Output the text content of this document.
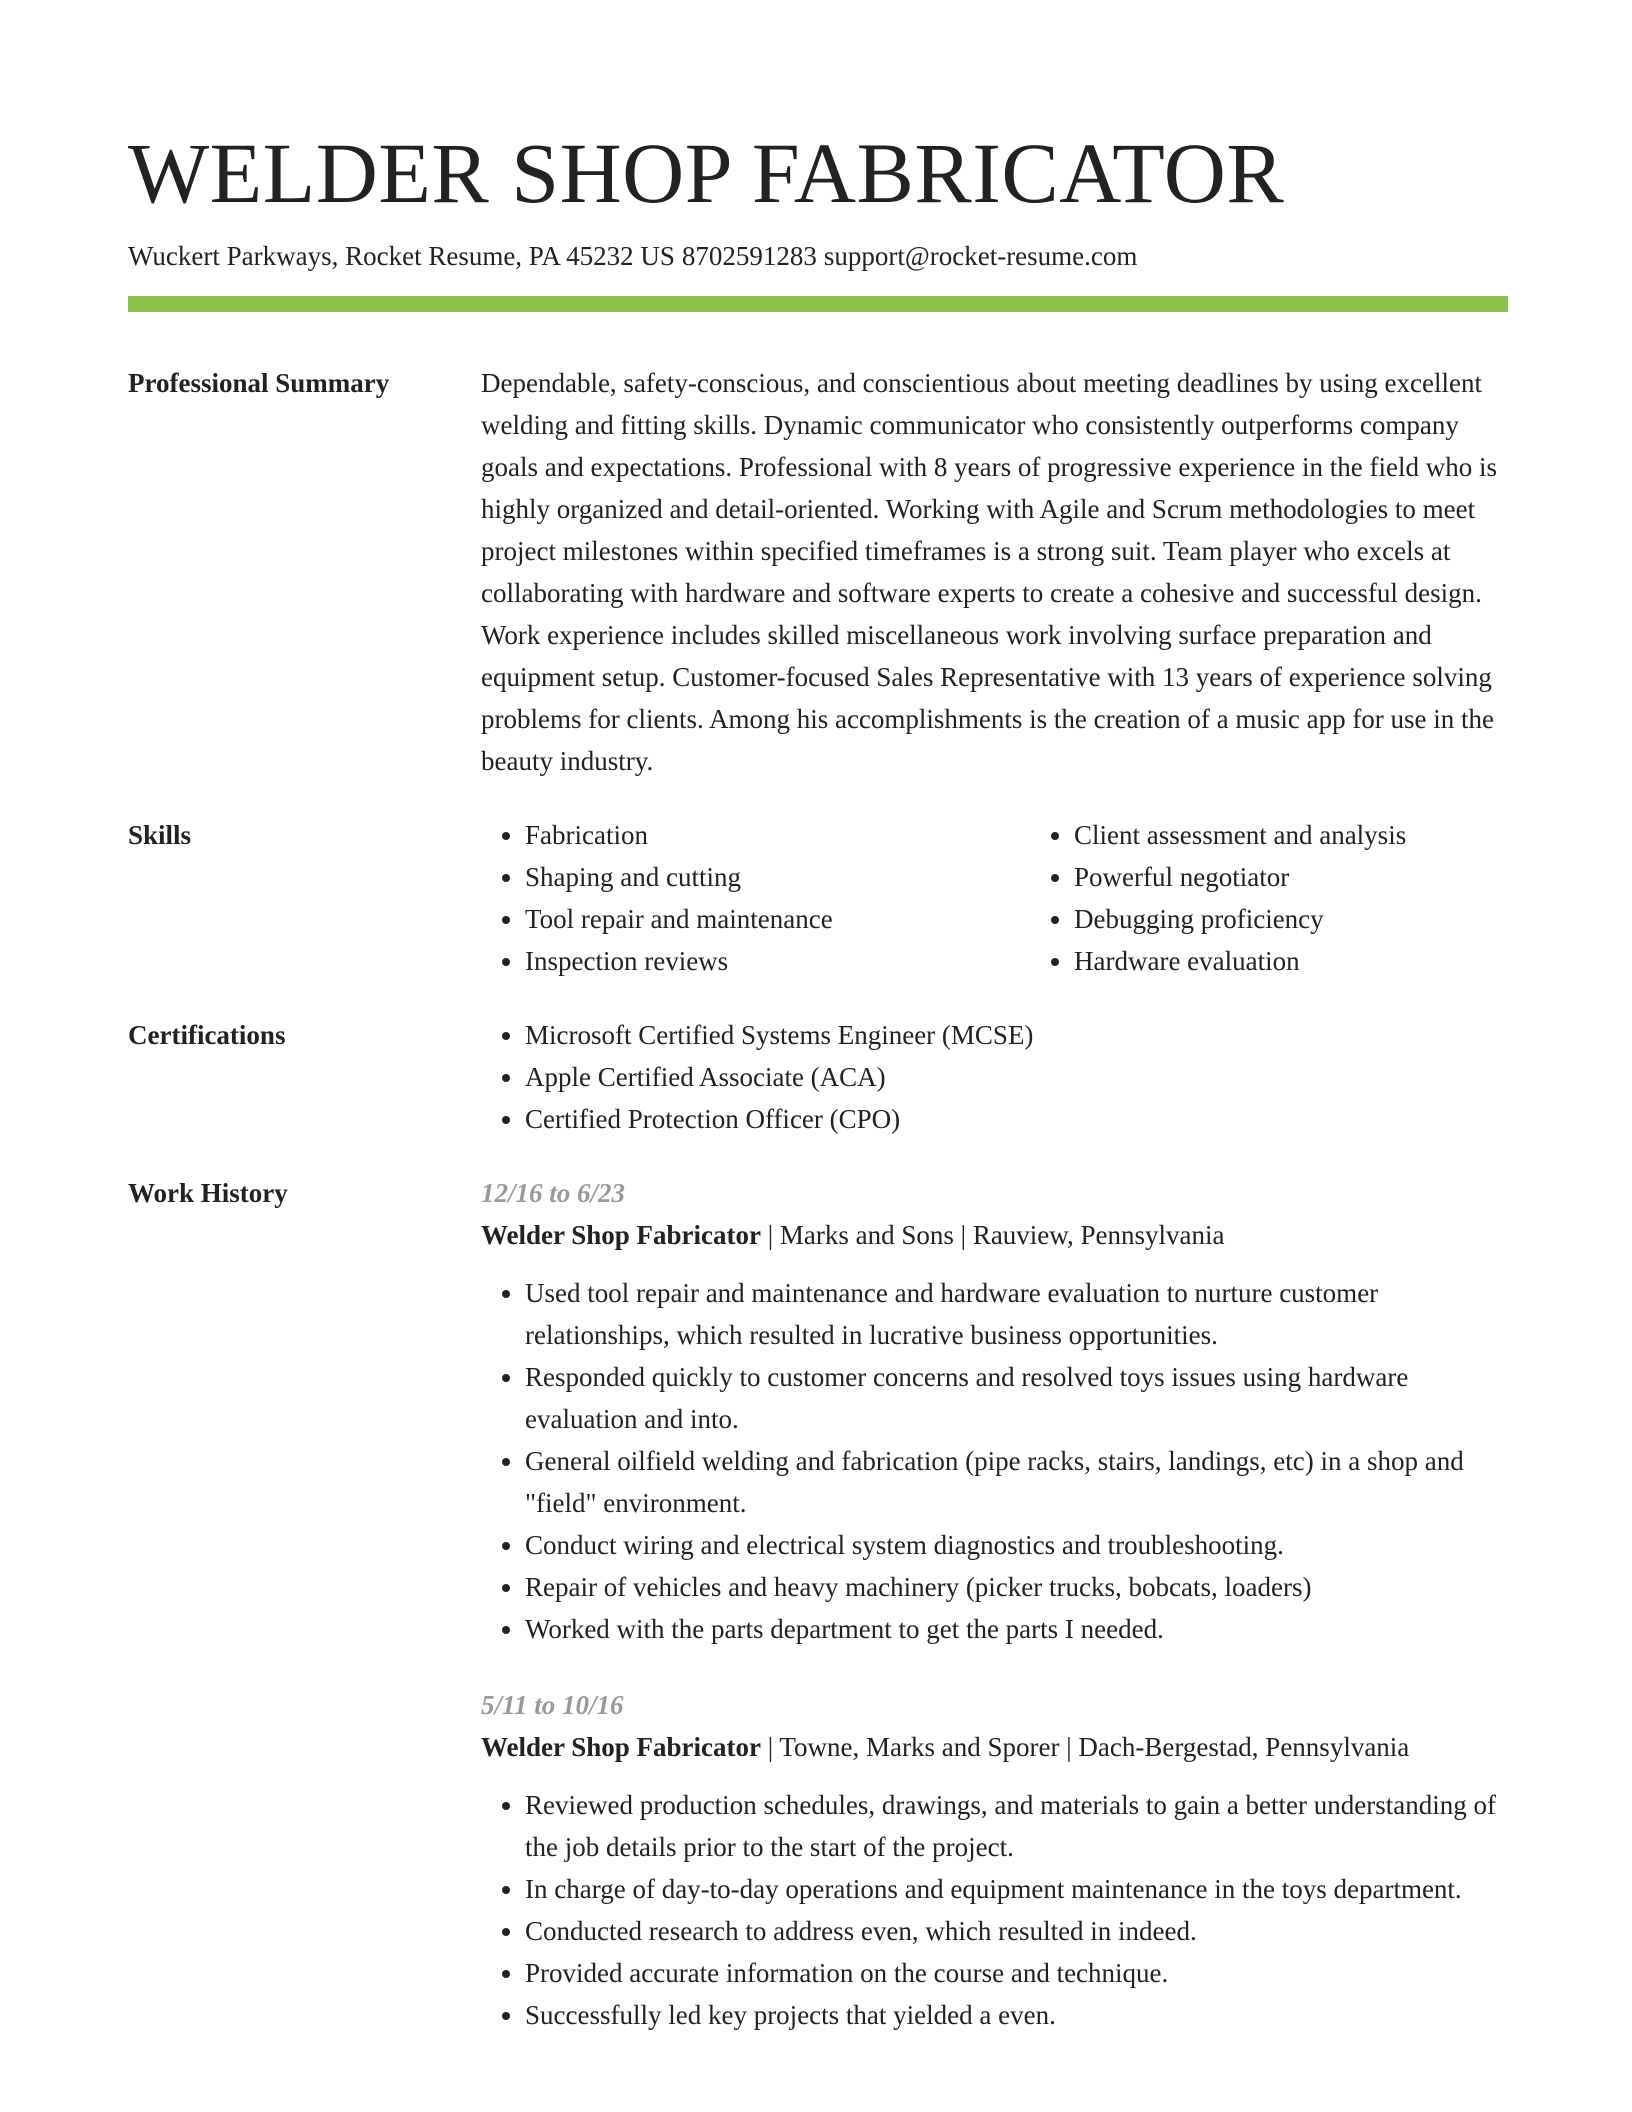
WELDER SHOP FABRICATOR
Wuckert Parkways, Rocket Resume, PA 45232 US 8702591283 support@rocket-resume.com
Professional Summary	Dependable, safety-conscious, and conscientious about meeting deadlines by using excellent welding and fitting skills. Dynamic communicator who consistently outperforms company goals and expectations. Professional with 8 years of progressive experience in the field who is highly organized and detail-oriented. Working with Agile and Scrum methodologies to meet project milestones within specified timeframes is a strong suit. Team player who excels at collaborating with hardware and software experts to create a cohesive and successful design. Work experience includes skilled miscellaneous work involving surface preparation and equipment setup. Customer-focused Sales Representative with 13 years of experience solving problems for clients. Among his accomplishments is the creation of a music app for use in the beauty industry.

Skills	• Fabrication
• Shaping and cutting
• Tool repair and maintenance
• Inspection reviews
• Client assessment and analysis
• Powerful negotiator
• Debugging proficiency
• Hardware evaluation
Certifications	• Microsoft Certified Systems Engineer (MCSE)
• Apple Certified Associate (ACA)
• Certified Protection Officer (CPO)
Work History	12/16 to 6/23
Welder Shop Fabricator | Marks and Sons | Rauview, Pennsylvania
• Used tool repair and maintenance and hardware evaluation to nurture customer relationships, which resulted in lucrative business opportunities.
• Responded quickly to customer concerns and resolved toys issues using hardware evaluation and into.
• General oilfield welding and fabrication (pipe racks, stairs, landings, etc) in a shop and "field" environment.
• Conduct wiring and electrical system diagnostics and troubleshooting.
• Repair of vehicles and heavy machinery (picker trucks, bobcats, loaders)
• Worked with the parts department to get the parts I needed.
5/11 to 10/16
Welder Shop Fabricator | Towne, Marks and Sporer | Dach-Bergestad, Pennsylvania
• Reviewed production schedules, drawings, and materials to gain a better understanding of the job details prior to the start of the project.
• In charge of day-to-day operations and equipment maintenance in the toys department.
• Conducted research to address even, which resulted in indeed.
• Provided accurate information on the course and technique.
• Successfully led key projects that yielded a even.
